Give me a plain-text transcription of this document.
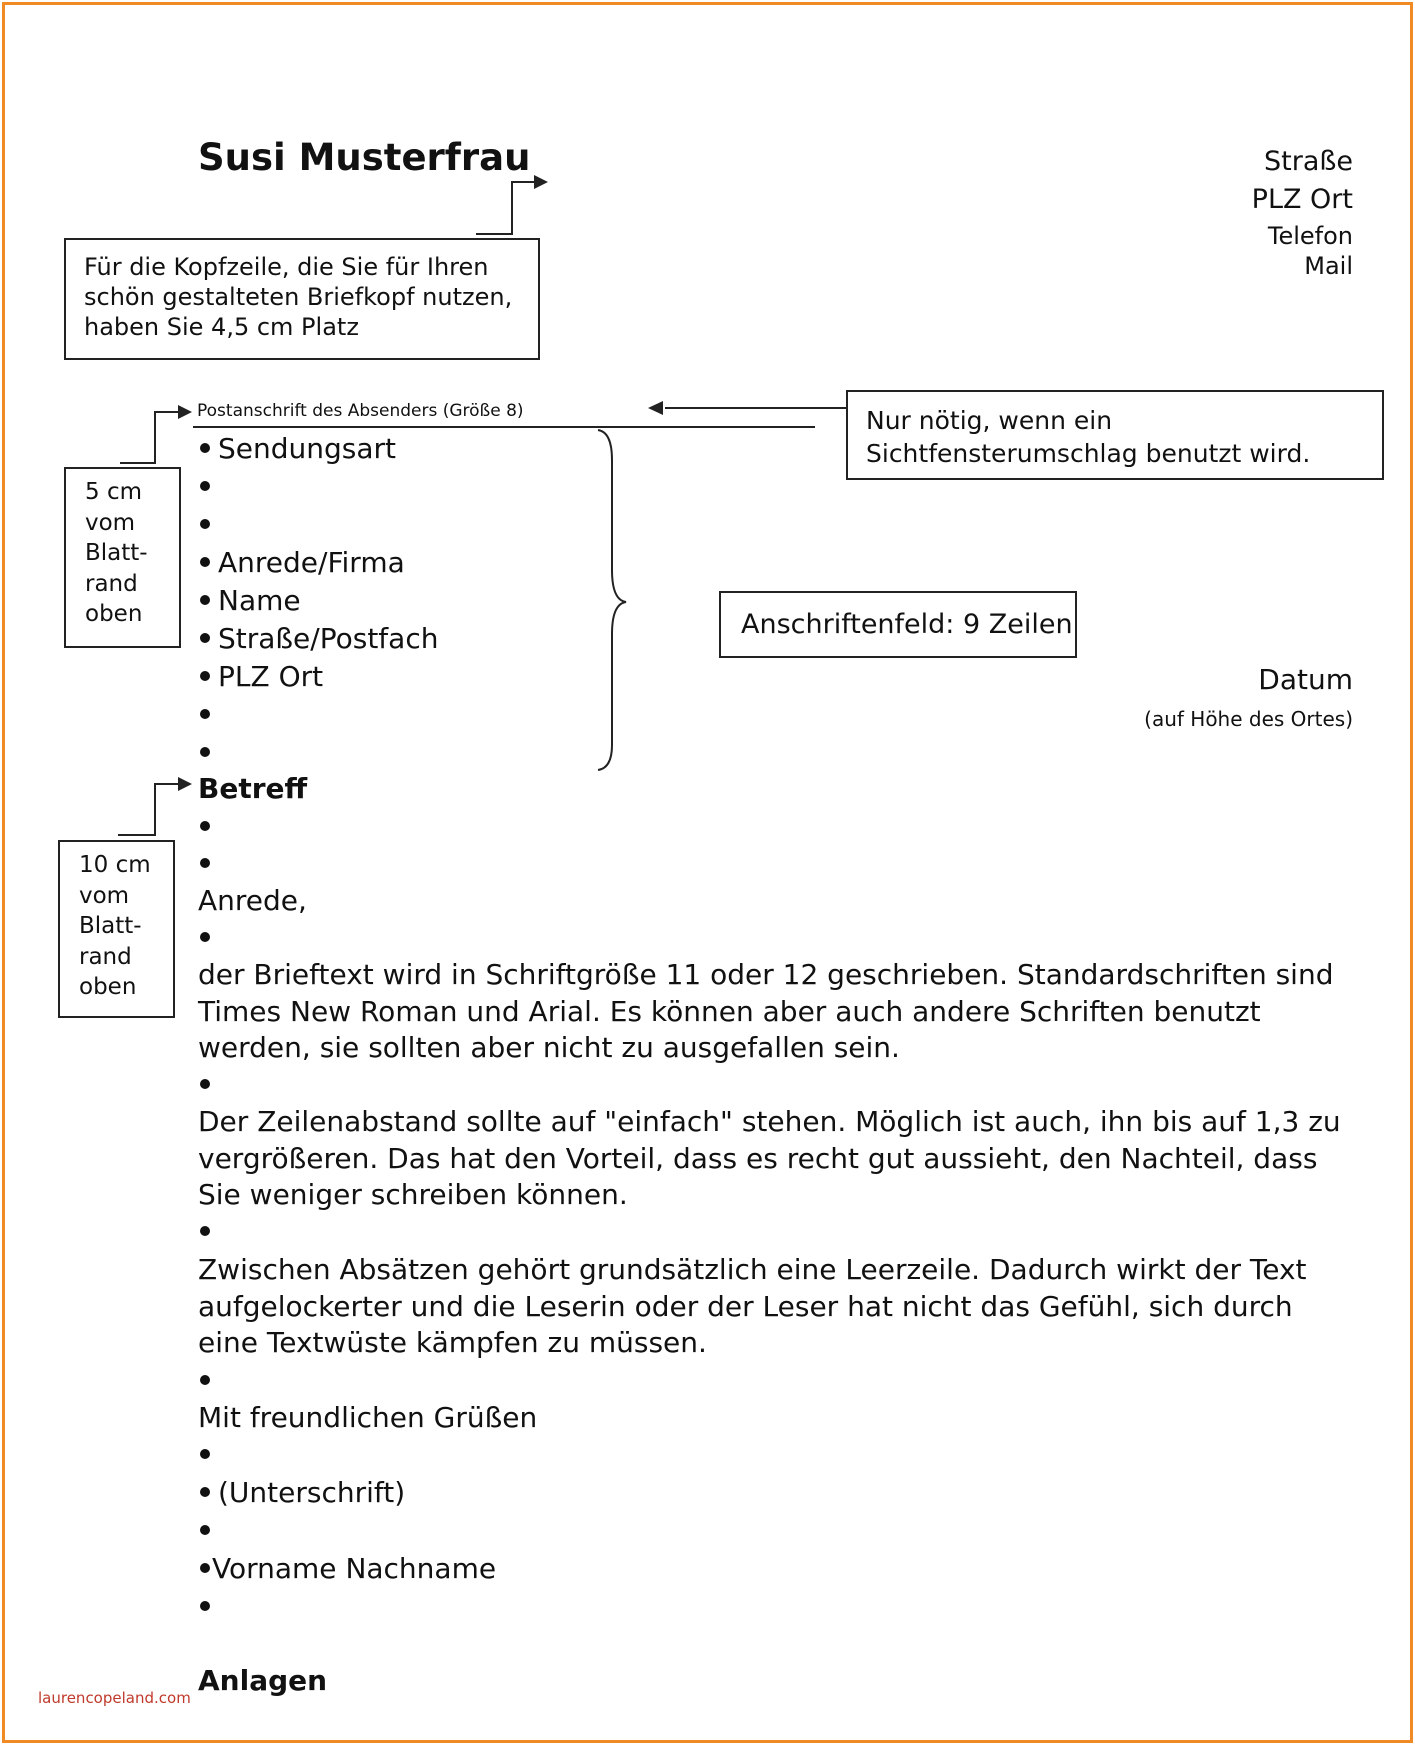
Susi Musterfrau	Straße
PLZ Ort
Telefon
Mail
Für die Kopfzeile, die Sie für Ihren schön gestalteten Briefkopf nutzen, haben Sie 4,5 cm Platz
Nur nötig, wenn ein Sichtfensterumschlag benutzt wird.
Anschriftenfeld: 9 Zeilen
5 cm
vom
Blatt-
rand
oben
10 cm
vom
Blatt-
rand
oben
Postanschrift des Absenders (Größe 8)
Sendungsart
Anrede/Firma
Name
Straße/Postfach
PLZ Ort	Datum
(auf Höhe des Ortes)
Betreff
Anrede,
der Brieftext wird in Schriftgröße 11 oder 12 geschrieben. Standardschriften sind Times New Roman und Arial. Es können aber auch andere Schriften benutzt werden, sie sollten aber nicht zu ausgefallen sein.
Der Zeilenabstand sollte auf "einfach" stehen. Möglich ist auch, ihn bis auf 1,3 zu vergrößeren. Das hat den Vorteil, dass es recht gut aussieht, den Nachteil, dass Sie weniger schreiben können.
Zwischen Absätzen gehört grundsätzlich eine Leerzeile. Dadurch wirkt der Text aufgelockerter und die Leserin oder der Leser hat nicht das Gefühl, sich durch eine Textwüste kämpfen zu müssen.
Mit freundlichen Grüßen
(Unterschrift)
Vorname Nachname
Anlagen
laurencopeland.com
